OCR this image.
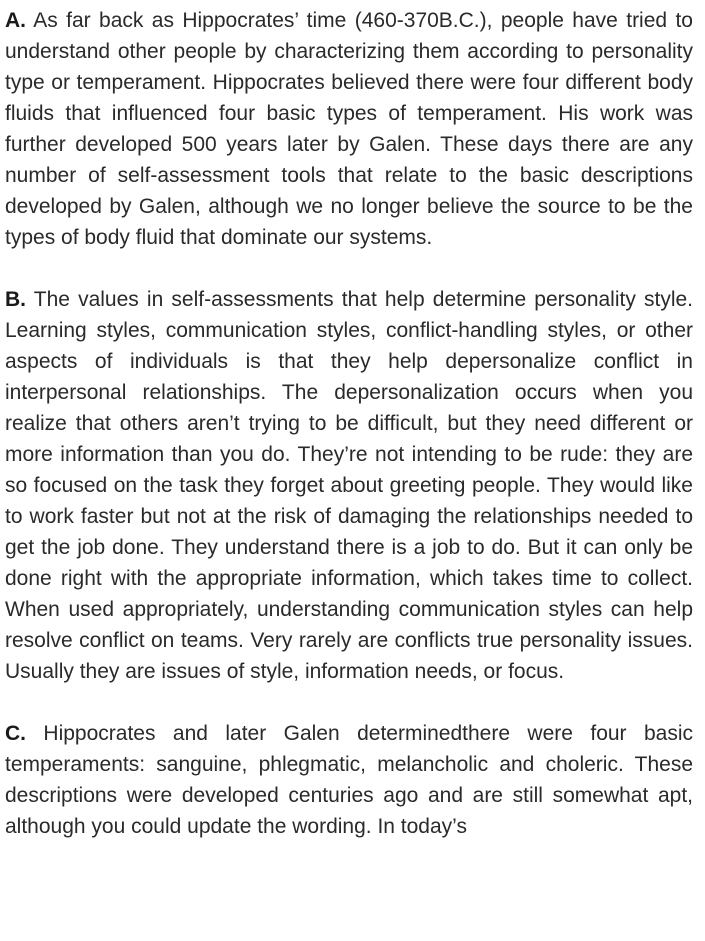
A. As far back as Hippocrates’ time (460-370B.C.), people have tried to understand other people by characterizing them according to personality type or temperament. Hippocrates believed there were four different body fluids that influenced four basic types of temperament. His work was further developed 500 years later by Galen. These days there are any number of self-assessment tools that relate to the basic descriptions developed by Galen, although we no longer believe the source to be the types of body fluid that dominate our systems.

B. The values in self-assessments that help determine personality style. Learning styles, communication styles, conflict-handling styles, or other aspects of individuals is that they help depersonalize conflict in interpersonal relationships. The depersonalization occurs when you realize that others aren’t trying to be difficult, but they need different or more information than you do. They’re not intending to be rude: they are so focused on the task they forget about greeting people. They would like to work faster but not at the risk of damaging the relationships needed to get the job done. They understand there is a job to do. But it can only be done right with the appropriate information, which takes time to collect. When used appropriately, understanding communication styles can help resolve conflict on teams. Very rarely are conflicts true personality issues. Usually they are issues of style, information needs, or focus.

C. Hippocrates and later Galen determinedthere were four basic temperaments: sanguine, phlegmatic, melancholic and choleric. These descriptions were developed centuries ago and are still somewhat apt, although you could update the wording. In today’s
